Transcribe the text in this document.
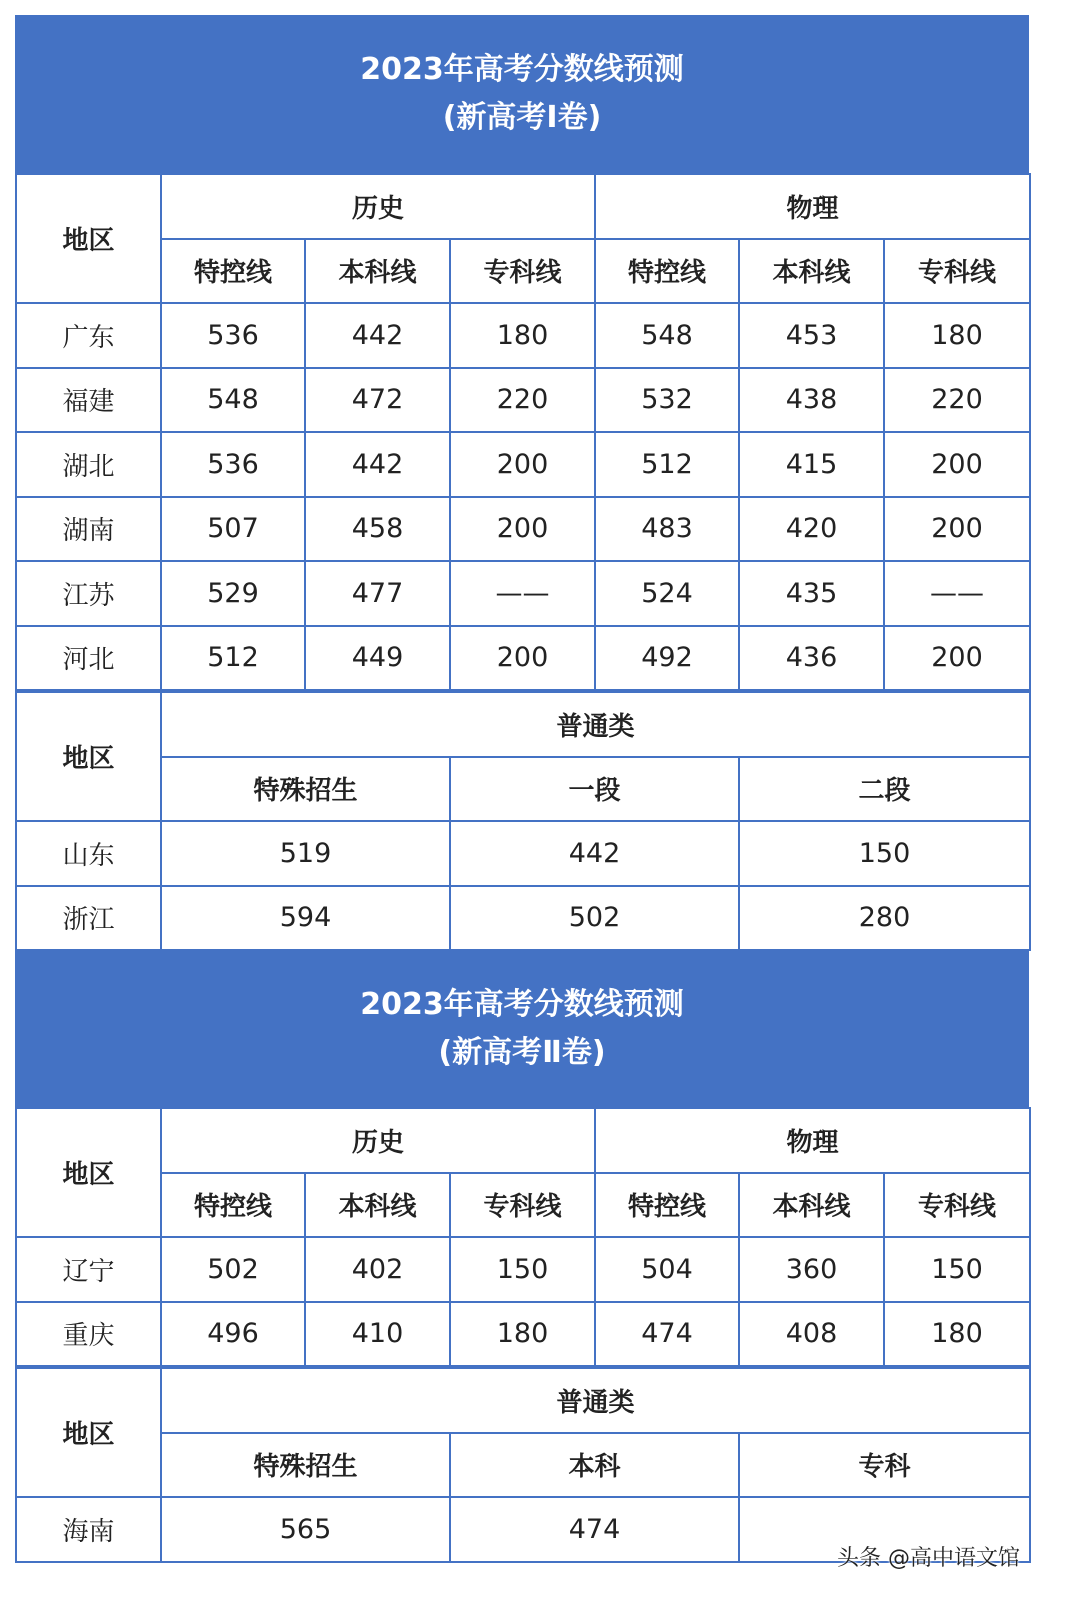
2023年高考分数线预测
(新高考Ⅰ卷)
地区	历史			物理		
	特控线	本科线	专科线	特控线	本科线	专科线
广东	536	442	180	548	453	180
福建	548	472	220	532	438	220
湖北	536	442	200	512	415	200
湖南	507	458	200	483	420	200
江苏	529	477	——	524	435	——
河北	512	449	200	492	436	200
地区	普通类		
	特殊招生	一段	二段
山东	519	442	150
浙江	594	502	280
2023年高考分数线预测
(新高考Ⅱ卷)
地区	历史			物理		
	特控线	本科线	专科线	特控线	本科线	专科线
辽宁	502	402	150	504	360	150
重庆	496	410	180	474	408	180
地区	普通类		
	特殊招生	本科	专科
海南	565	474	
头条 @高中语文馆
